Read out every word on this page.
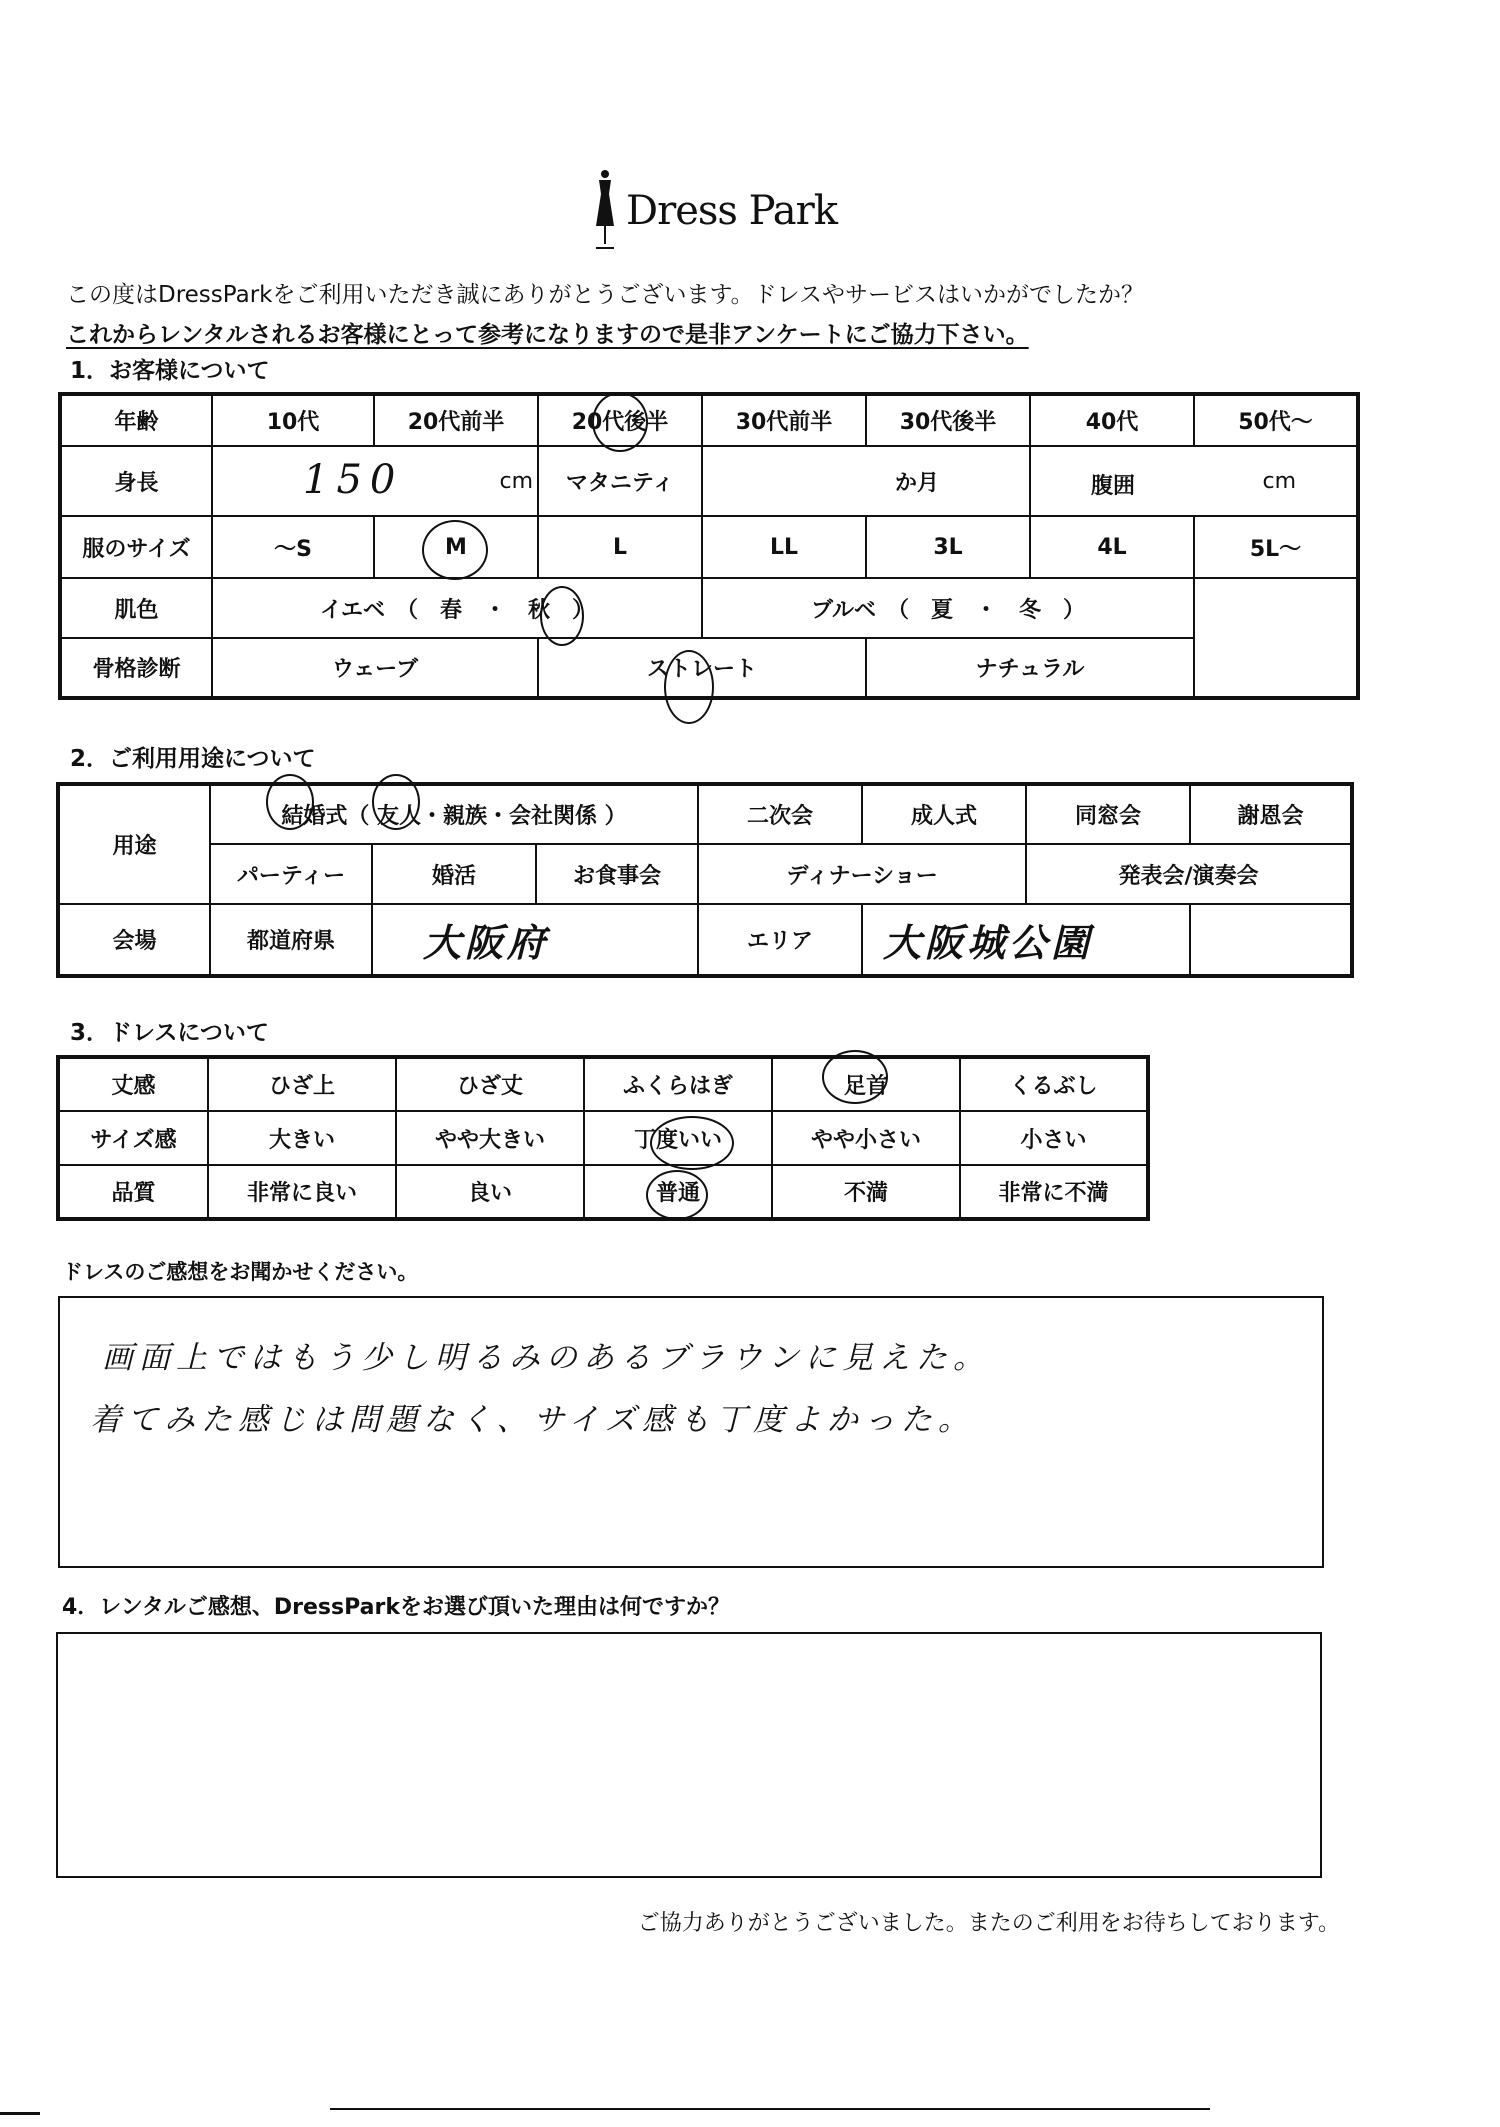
Dress Park
この度はDressParkをご利用いただき誠にありがとうございます。ドレスやサービスはいかがでしたか？
これからレンタルされるお客様にとって参考になりますので是非アンケートにご協力下さい。
1．お客様について
年齢	10代	20代前半	20代後半	30代前半	30代後半	40代	50代～
身長	150 cm		マタニティ	か月		腹囲 cm	

服のサイズ	～S	M	L	LL	3L	4L	5L～
肌色	イエベ　（　春　・　秋　）			ブルベ　（　夏　・　冬　）			
骨格診断	ウェーブ		ストレート		ナチュラル		
2．ご利用用途について
用途	結婚式（ 友人・親族・会社関係 ）			二次会	成人式	同窓会	謝恩会
	パーティー	婚活	お食事会	ディナーショー		発表会/演奏会	
会場	都道府県	大阪府		エリア	大阪城公園		
3．ドレスについて
丈感	ひざ上	ひざ丈	ふくらはぎ	足首	くるぶし
サイズ感	大きい	やや大きい	丁度いい	やや小さい	小さい
品質	非常に良い	良い	普通	不満	非常に不満
ドレスのご感想をお聞かせください。
画面上ではもう少し明るみのあるブラウンに見えた。
着てみた感じは問題なく、サイズ感も丁度よかった。
4．レンタルご感想、DressParkをお選び頂いた理由は何ですか？
ご協力ありがとうございました。またのご利用をお待ちしております。
